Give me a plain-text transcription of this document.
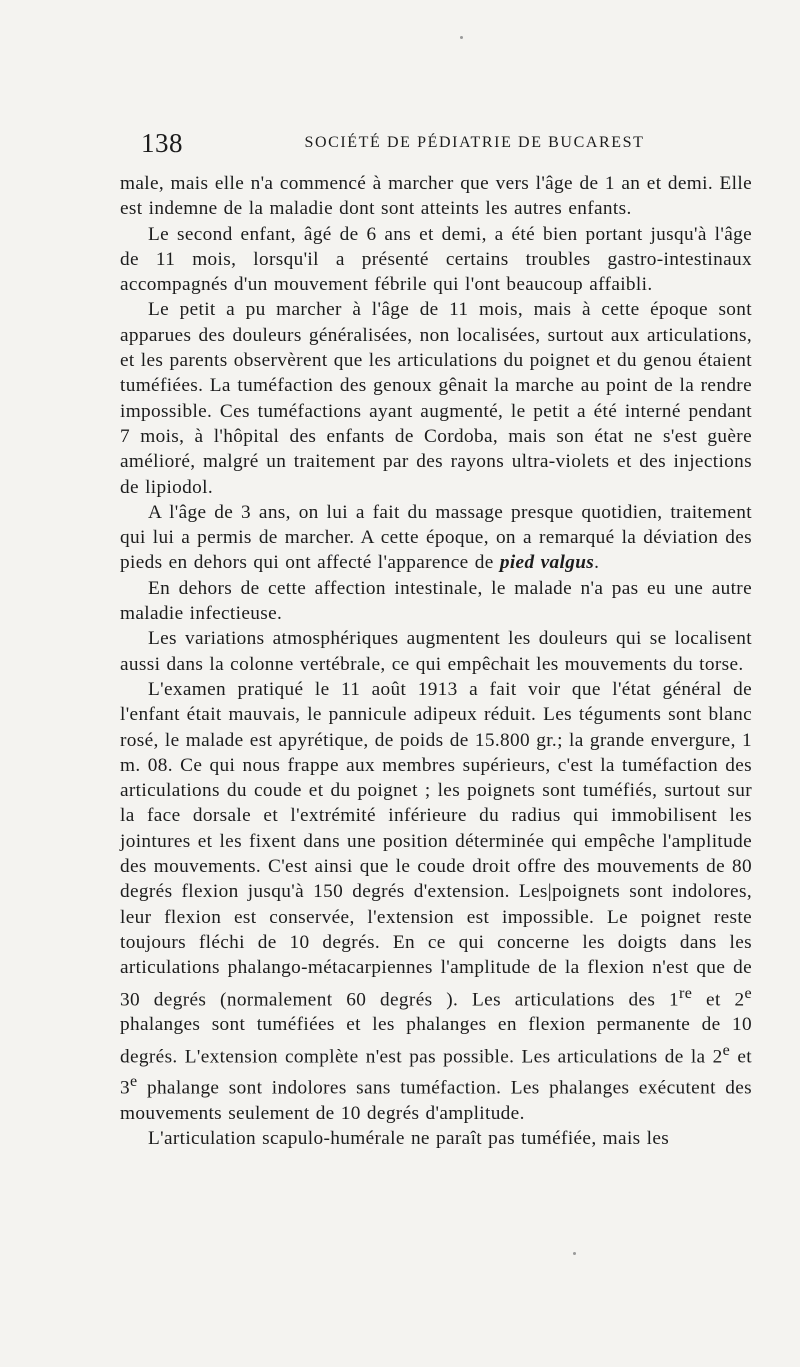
138	SOCIÉTÉ DE PÉDIATRIE DE BUCAREST

male, mais elle n'a commencé à marcher que vers l'âge de 1 an et demi. Elle est indemne de la maladie dont sont atteints les autres enfants.

Le second enfant, âgé de 6 ans et demi, a été bien portant jusqu'à l'âge de 11 mois, lorsqu'il a présenté certains troubles gastro-intestinaux accompagnés d'un mouvement fébrile qui l'ont beaucoup affaibli.

Le petit a pu marcher à l'âge de 11 mois, mais à cette époque sont apparues des douleurs généralisées, non localisées, surtout aux articulations, et les parents observèrent que les articulations du poignet et du genou étaient tuméfiées. La tuméfaction des genoux gênait la marche au point de la rendre impossible. Ces tuméfactions ayant augmenté, le petit a été interné pendant 7 mois, à l'hôpital des enfants de Cordoba, mais son état ne s'est guère amélioré, malgré un traitement par des rayons ultra-violets et des injections de lipiodol.

A l'âge de 3 ans, on lui a fait du massage presque quotidien, traitement qui lui a permis de marcher. A cette époque, on a remarqué la déviation des pieds en dehors qui ont affecté l'apparence de pied valgus.

En dehors de cette affection intestinale, le malade n'a pas eu une autre maladie infectieuse.

Les variations atmosphériques augmentent les douleurs qui se localisent aussi dans la colonne vertébrale, ce qui empêchait les mouvements du torse.

L'examen pratiqué le 11 août 1913 a fait voir que l'état général de l'enfant était mauvais, le pannicule adipeux réduit. Les téguments sont blanc rosé, le malade est apyrétique, de poids de 15.800 gr.; la grande envergure, 1 m. 08. Ce qui nous frappe aux membres supérieurs, c'est la tuméfaction des articulations du coude et du poignet ; les poignets sont tuméfiés, surtout sur la face dorsale et l'extrémité inférieure du radius qui immobilisent les jointures et les fixent dans une position déterminée qui empêche l'amplitude des mouvements. C'est ainsi que le coude droit offre des mouvements de 80 degrés flexion jusqu'à 150 degrés d'extension. Les|poignets sont indolores, leur flexion est conservée, l'extension est impossible. Le poignet reste toujours fléchi de 10 degrés. En ce qui concerne les doigts dans les articulations phalango-métacarpiennes l'amplitude de la flexion n'est que de 30 degrés (normalement 60 degrés ). Les articulations des 1re et 2e phalanges sont tuméfiées et les phalanges en flexion permanente de 10 degrés. L'extension complète n'est pas possible. Les articulations de la 2e et 3e phalange sont indolores sans tuméfaction. Les phalanges exécutent des mouvements seulement de 10 degrés d'amplitude.

L'articulation scapulo-humérale ne paraît pas tuméfiée, mais les
